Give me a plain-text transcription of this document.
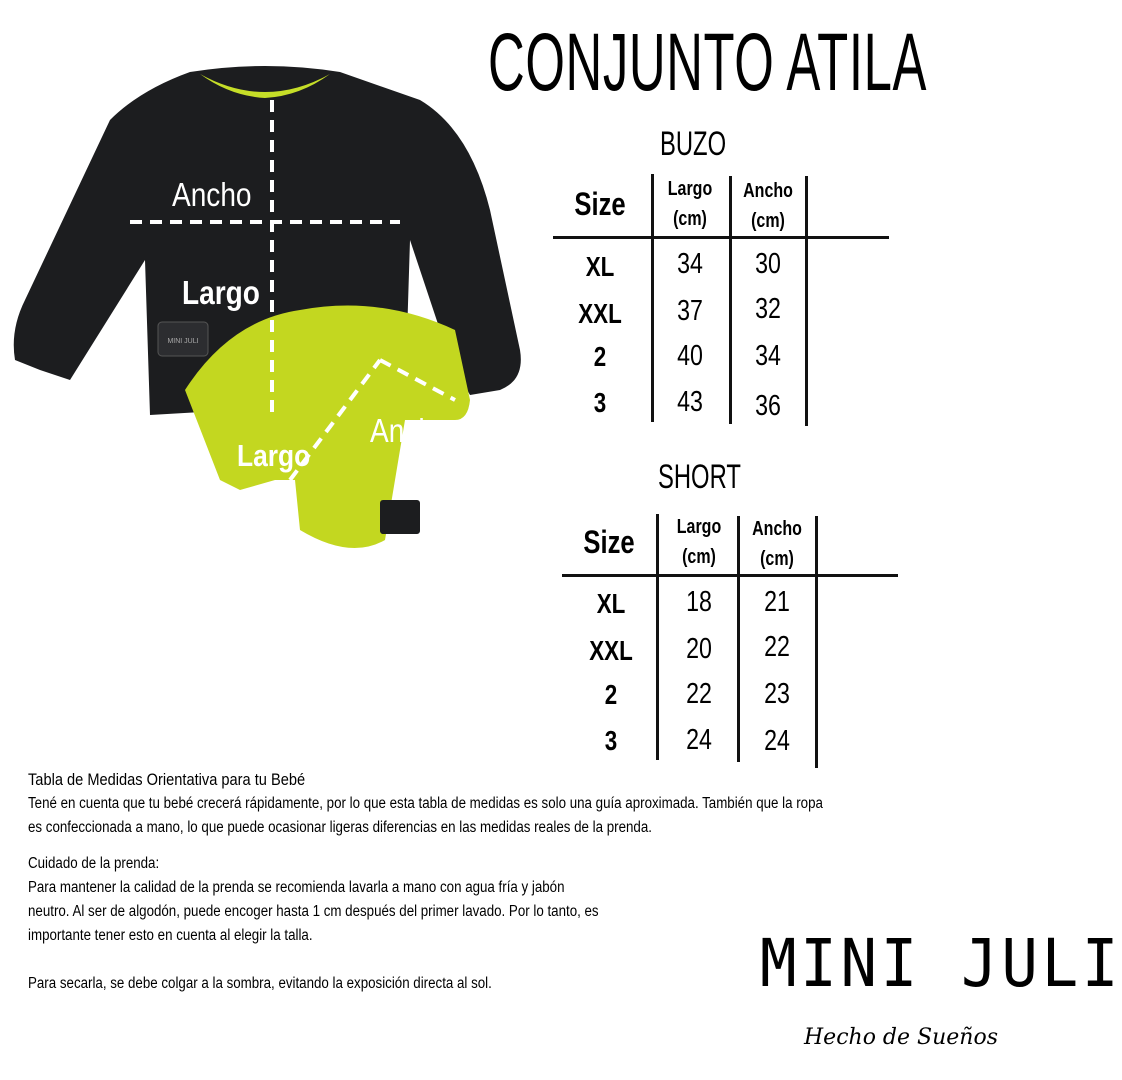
CONJUNTO ATILA
MINI JULI
Ancho
Largo
Largo
Ancho
BUZO
Size	Largo
(cm)
Ancho
(cm)
XL	34	30
XXL	37	32
2	40	34
3	43	36
SHORT
Size	Largo
(cm)
Ancho
(cm)
XL	18	21
XXL	20	22
2	22	23
3	24	24
Tabla de Medidas Orientativa para tu Bebé
Tené en cuenta que tu bebé crecerá rápidamente, por lo que esta tabla de medidas es solo una guía aproximada. También que la ropa
es confeccionada a mano, lo que puede ocasionar ligeras diferencias en las medidas reales de la prenda.
Cuidado de la prenda:
Para mantener la calidad de la prenda se recomienda lavarla a mano con agua fría y jabón
neutro. Al ser de algodón, puede encoger hasta 1 cm después del primer lavado. Por lo tanto, es
importante tener esto en cuenta al elegir la talla.
Para secarla, se debe colgar a la sombra, evitando la exposición directa al sol.	MINI JULI
Hecho de Sueños
